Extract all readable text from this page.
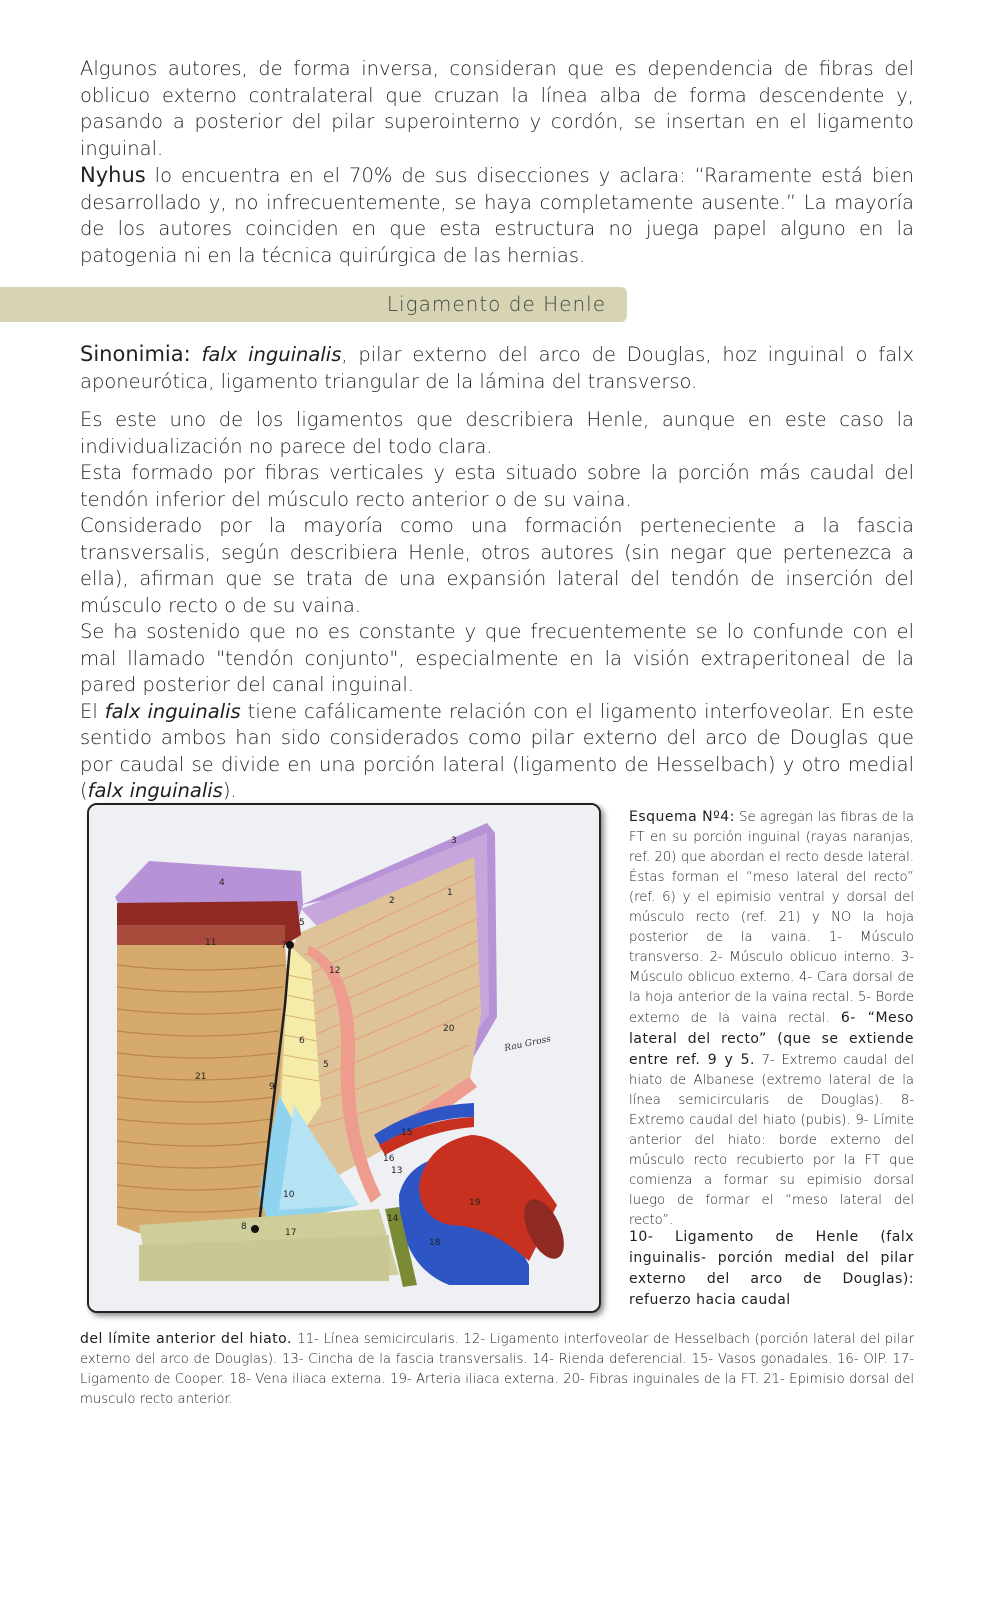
Algunos autores, de forma inversa, consideran que es dependencia de fibras del oblicuo externo contralateral que cruzan la línea alba de forma descendente y, pasando a posterior del pilar superointerno y cordón, se insertan en el ligamento inguinal.

Nyhus lo encuentra en el 70% de sus disecciones y aclara: “Raramente está bien desarrollado y, no infrecuentemente, se haya completamente ausente.” La mayoría de los autores coinciden en que esta estructura no juega papel alguno en la patogenia ni en la técnica quirúrgica de las hernias.

Ligamento de Henle

Sinonimia: falx inguinalis, pilar externo del arco de Douglas, hoz inguinal o falx aponeurótica, ligamento triangular de la lámina del transverso.

Es este uno de los ligamentos que describiera Henle, aunque en este caso la individualización no parece del todo clara.

Esta formado por fibras verticales y esta situado sobre la porción más caudal del tendón inferior del músculo recto anterior o de su vaina.

Considerado por la mayoría como una formación perteneciente a la fascia transversalis, según describiera Henle, otros autores (sin negar que pertenezca a ella), afirman que se trata de una expansión lateral del tendón de inserción del músculo recto o de su vaina.

Se ha sostenido que no es constante y que frecuentemente se lo confunde con el mal llamado "tendón conjunto", especialmente en la visión extraperitoneal de la pared posterior del canal inguinal.

El falx inguinalis tiene cafálicamente relación con el ligamento interfoveolar. En este sentido ambos han sido considerados como pilar externo del arco de Douglas que por caudal se divide en una porción lateral (ligamento de Hesselbach) y otro medial (falx inguinalis).

3
1
2
4
5
7
11
12
20
6
5
21
9
15
16
13
10
19
14
8
17
18
Rau Gross
Esquema Nº4: Se agregan las fibras de la FT en su porción inguinal (rayas naranjas, ref. 20) que abordan el recto desde lateral. Éstas forman el “meso lateral del recto” (ref. 6) y el epimisio ventral y dorsal del músculo recto (ref. 21) y NO la hoja posterior de la vaina. 1- Músculo transverso. 2- Músculo oblicuo interno. 3- Músculo oblicuo externo. 4- Cara dorsal de la hoja anterior de la vaina rectal. 5- Borde externo de la vaina rectal. 6- “Meso lateral del recto” (que se extiende entre ref. 9 y 5. 7- Extremo caudal del hiato de Albanese (extremo lateral de la línea semicircularis de Douglas). 8- Extremo caudal del hiato (pubis). 9- Límite anterior del hiato: borde externo del músculo recto recubierto por la FT que comienza a formar su epimisio dorsal luego de formar el “meso lateral del recto”.
10- Ligamento de Henle (falx inguinalis- porción medial del pilar externo del arco de Douglas): refuerzo hacia caudal
del límite anterior del hiato. 11- Línea semicircularis. 12- Ligamento interfoveolar de Hesselbach (porción lateral del pilar externo del arco de Douglas). 13- Cincha de la fascia transversalis. 14- Rienda deferencial. 15- Vasos gonadales. 16- OIP. 17- Ligamento de Cooper. 18- Vena iliaca externa. 19- Arteria iliaca externa. 20- Fibras inguinales de la FT. 21- Epimisio dorsal del musculo recto anterior.
